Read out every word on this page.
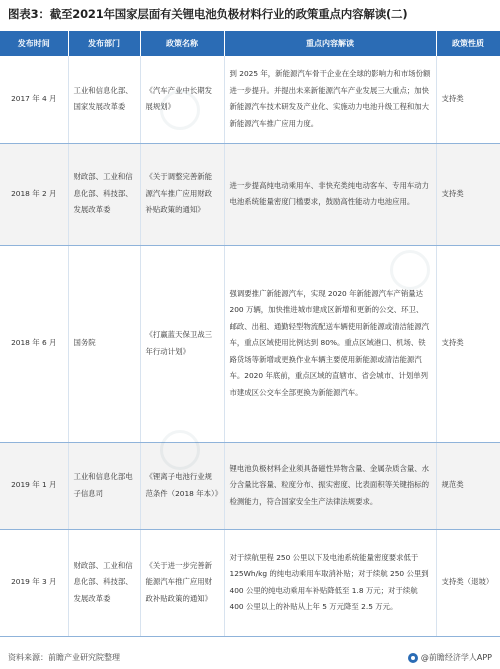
图表3：截至2021年国家层面有关锂电池负极材料行业的政策重点内容解读(二)
发布时间	发布部门	政策名称	重点内容解读	政策性质
2017 年 4 月	工业和信息化部、国家发展改革委	《汽车产业中长期发展规划》	到 2025 年，新能源汽车骨干企业在全球的影响力和市场份额进一步提升。并提出未来新能源汽车产业发展三大重点；加快新能源汽车技术研发及产业化、实施动力电池升级工程和加大新能源汽车推广应用力度。	支持类
2018 年 2 月	财政部、工业和信息化部、科技部、发展改革委	《关于调整完善新能源汽车推广应用财政补贴政策的通知》	进一步提高纯电动乘用车、非快充类纯电动客车、专用车动力电池系统能量密度门槛要求，鼓励高性能动力电池应用。	支持类
2018 年 6 月	国务院	《打赢蓝天保卫战三年行动计划》	强调要推广新能源汽车，实现 2020 年新能源汽车产销量达 200 万辆，加快推进城市建成区新增和更新的公交、环卫、邮政、出租、通勤轻型物流配送车辆使用新能源或清洁能源汽车，重点区域使用比例达到 80%。重点区域港口、机场、铁路货场等新增或更换作业车辆主要使用新能源或清洁能源汽车。2020 年底前，重点区域的直辖市、省会城市、计划单列市建成区公交车全部更换为新能源汽车。	支持类
2019 年 1 月	工业和信息化部电子信息司	《锂离子电池行业规范条件（2018 年本）》	锂电池负极材料企业须具备磁性异物含量、金属杂质含量、水分含量比容量、粒度分布、振实密度、比表面积等关键指标的检测能力，符合国家安全生产法律法规要求。	规范类
2019 年 3 月	财政部、工业和信息化部、科技部、发展改革委	《关于进一步完善新能源汽车推广应用财政补贴政策的通知》	对于续航里程 250 公里以下及电池系统能量密度要求低于 125Wh/kg 的纯电动乘用车取消补贴；对于续航 250 公里到 400 公里的纯电动乘用车补贴降低至 1.8 万元；对于续航 400 公里以上的补贴从上年 5 万元降至 2.5 万元。	支持类（退坡）
资料来源：前瞻产业研究院整理	@前瞻经济学人APP
